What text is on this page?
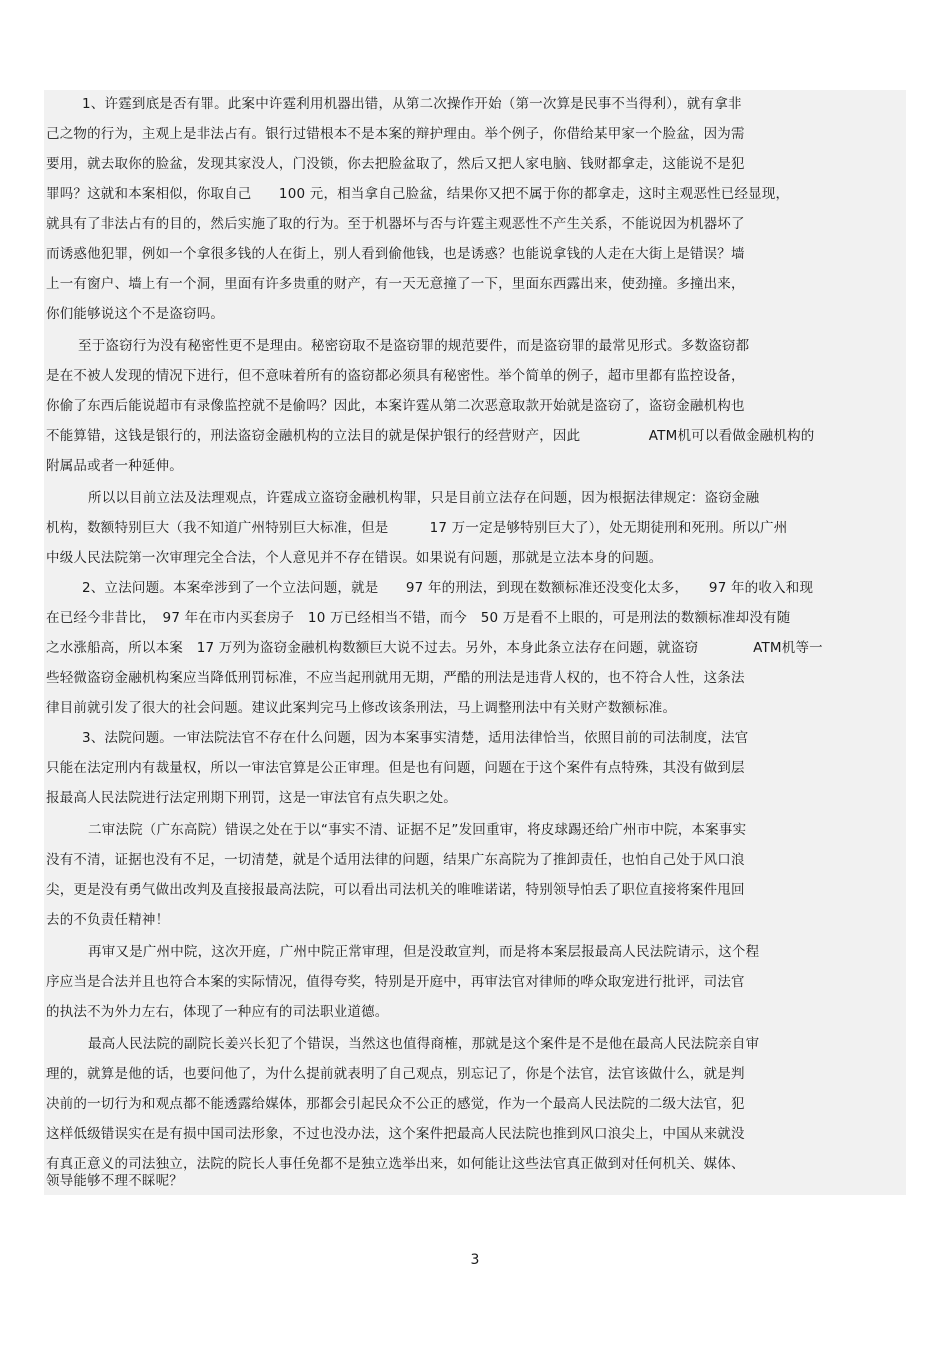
1、许霆到底是否有罪。此案中许霆利用机器出错，从第二次操作开始（第一次算是民事不当得利），就有拿非
己之物的行为，主观上是非法占有。银行过错根本不是本案的辩护理由。举个例子，你借给某甲家一个脸盆，因为需
要用，就去取你的脸盆，发现其家没人，门没锁，你去把脸盆取了，然后又把人家电脑、钱财都拿走，这能说不是犯
罪吗？这就和本案相似，你取自己　　100 元，相当拿自己脸盆，结果你又把不属于你的都拿走，这时主观恶性已经显现，
就具有了非法占有的目的，然后实施了取的行为。至于机器坏与否与许霆主观恶性不产生关系，不能说因为机器坏了
而诱惑他犯罪，例如一个拿很多钱的人在街上，别人看到偷他钱，也是诱惑？也能说拿钱的人走在大街上是错误？墙
上一有窗户、墙上有一个洞，里面有许多贵重的财产，有一天无意撞了一下，里面东西露出来，使劲撞。多撞出来，
你们能够说这个不是盗窃吗。
至于盗窃行为没有秘密性更不是理由。秘密窃取不是盗窃罪的规范要件，而是盗窃罪的最常见形式。多数盗窃都
是在不被人发现的情况下进行，但不意味着所有的盗窃都必须具有秘密性。举个简单的例子，超市里都有监控设备，
你偷了东西后能说超市有录像监控就不是偷吗？因此，本案许霆从第二次恶意取款开始就是盗窃了，盗窃金融机构也
不能算错，这钱是银行的，刑法盗窃金融机构的立法目的就是保护银行的经营财产，因此　　　　　ATM机可以看做金融机构的
附属品或者一种延伸。
所以以目前立法及法理观点，许霆成立盗窃金融机构罪，只是目前立法存在问题，因为根据法律规定：盗窃金融
机构，数额特别巨大（我不知道广州特别巨大标准，但是　　　17 万一定是够特别巨大了），处无期徒刑和死刑。所以广州
中级人民法院第一次审理完全合法，个人意见并不存在错误。如果说有问题，那就是立法本身的问题。
2、立法问题。本案牵涉到了一个立法问题，就是　　97 年的刑法，到现在数额标准还没变化太多，　　97 年的收入和现
在已经今非昔比，　97 年在市内买套房子　10 万已经相当不错，而今　50 万是看不上眼的，可是刑法的数额标准却没有随
之水涨船高，所以本案　17 万列为盗窃金融机构数额巨大说不过去。另外，本身此条立法存在问题，就盗窃　　　　ATM机等一
些轻微盗窃金融机构案应当降低刑罚标准，不应当起刑就用无期，严酷的刑法是违背人权的，也不符合人性，这条法
律目前就引发了很大的社会问题。建议此案判完马上修改该条刑法，马上调整刑法中有关财产数额标准。
3、法院问题。一审法院法官不存在什么问题，因为本案事实清楚，适用法律恰当，依照目前的司法制度，法官
只能在法定刑内有裁量权，所以一审法官算是公正审理。但是也有问题，问题在于这个案件有点特殊，其没有做到层
报最高人民法院进行法定刑期下刑罚，这是一审法官有点失职之处。
二审法院（广东高院）错误之处在于以“事实不清、证据不足”发回重审，将皮球踢还给广州市中院，本案事实
没有不清，证据也没有不足，一切清楚，就是个适用法律的问题，结果广东高院为了推卸责任，也怕自己处于风口浪
尖，更是没有勇气做出改判及直接报最高法院，可以看出司法机关的唯唯诺诺，特别领导怕丢了职位直接将案件甩回
去的不负责任精神！
再审又是广州中院，这次开庭，广州中院正常审理，但是没敢宣判，而是将本案层报最高人民法院请示，这个程
序应当是合法并且也符合本案的实际情况，值得夸奖，特别是开庭中，再审法官对律师的哗众取宠进行批评，司法官
的执法不为外力左右，体现了一种应有的司法职业道德。
最高人民法院的副院长姜兴长犯了个错误，当然这也值得商榷，那就是这个案件是不是他在最高人民法院亲自审
理的，就算是他的话，也要问他了，为什么提前就表明了自己观点，别忘记了，你是个法官，法官该做什么，就是判
决前的一切行为和观点都不能透露给媒体，那都会引起民众不公正的感觉，作为一个最高人民法院的二级大法官，犯
这样低级错误实在是有损中国司法形象，不过也没办法，这个案件把最高人民法院也推到风口浪尖上，中国从来就没
有真正意义的司法独立，法院的院长人事任免都不是独立选举出来，如何能让这些法官真正做到对任何机关、媒体、
领导能够不理不睬呢？
3
